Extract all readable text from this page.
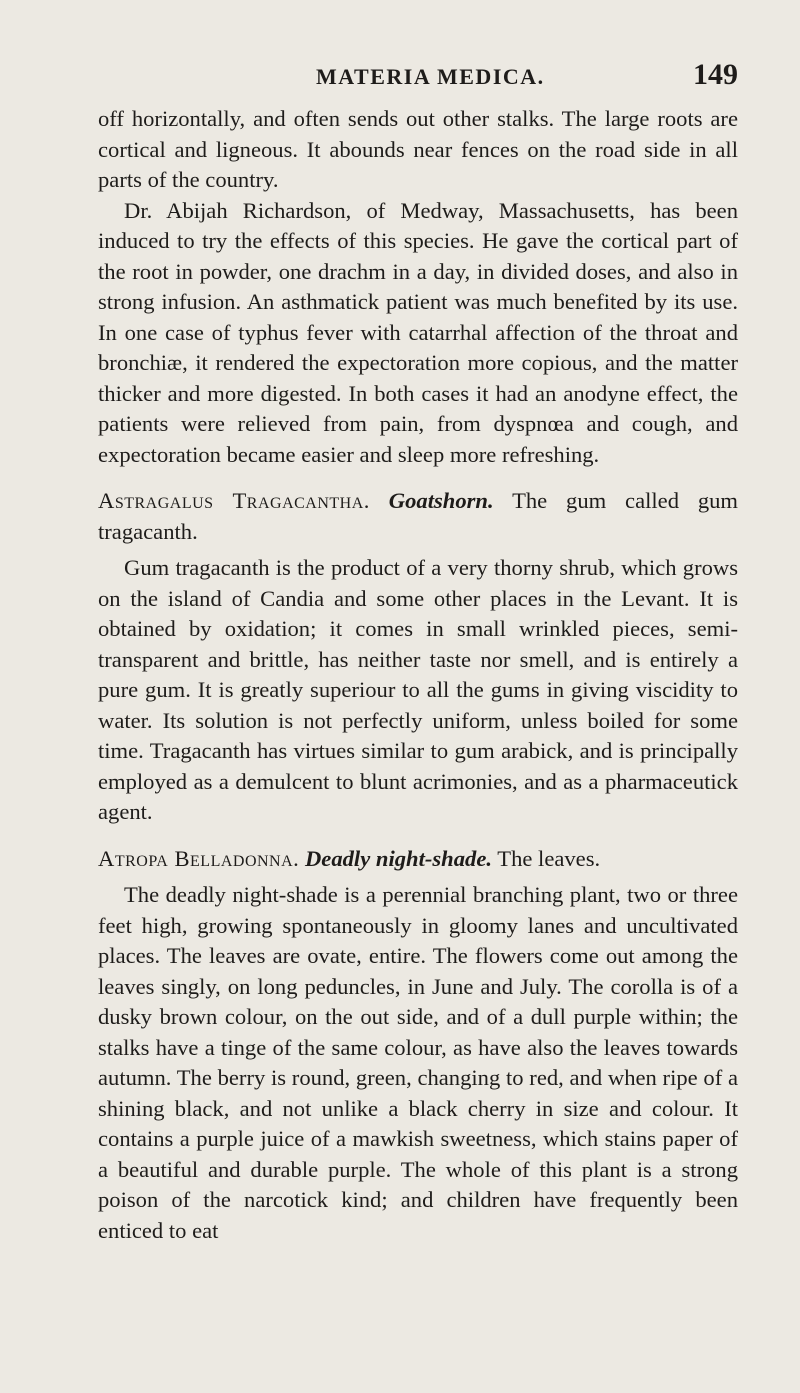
MATERIA MEDICA.	149

off horizontally, and often sends out other stalks. The large roots are cortical and ligneous. It abounds near fences on the road side in all parts of the country.

Dr. Abijah Richardson, of Medway, Massachusetts, has been induced to try the effects of this species. He gave the cortical part of the root in powder, one drachm in a day, in divided doses, and also in strong infusion. An asthmatick patient was much benefited by its use. In one case of typhus fever with catarrhal affection of the throat and bronchiæ, it rendered the expectoration more copious, and the matter thicker and more digested. In both cases it had an anodyne effect, the patients were relieved from pain, from dyspnœa and cough, and expectoration became easier and sleep more refreshing.

Astragalus Tragacantha. Goatshorn. The gum called gum tragacanth.

Gum tragacanth is the product of a very thorny shrub, which grows on the island of Candia and some other places in the Levant. It is obtained by oxidation; it comes in small wrinkled pieces, semi-transparent and brittle, has neither taste nor smell, and is entirely a pure gum. It is greatly superiour to all the gums in giving viscidity to water. Its solution is not perfectly uniform, unless boiled for some time. Tragacanth has virtues similar to gum arabick, and is principally employed as a demulcent to blunt acrimonies, and as a pharmaceutick agent.

Atropa Belladonna. Deadly night-shade. The leaves.

The deadly night-shade is a perennial branching plant, two or three feet high, growing spontaneously in gloomy lanes and uncultivated places. The leaves are ovate, entire. The flowers come out among the leaves singly, on long peduncles, in June and July. The corolla is of a dusky brown colour, on the out side, and of a dull purple within; the stalks have a tinge of the same colour, as have also the leaves towards autumn. The berry is round, green, changing to red, and when ripe of a shining black, and not unlike a black cherry in size and colour. It contains a purple juice of a mawkish sweetness, which stains paper of a beautiful and durable purple. The whole of this plant is a strong poison of the narcotick kind; and children have frequently been enticed to eat
